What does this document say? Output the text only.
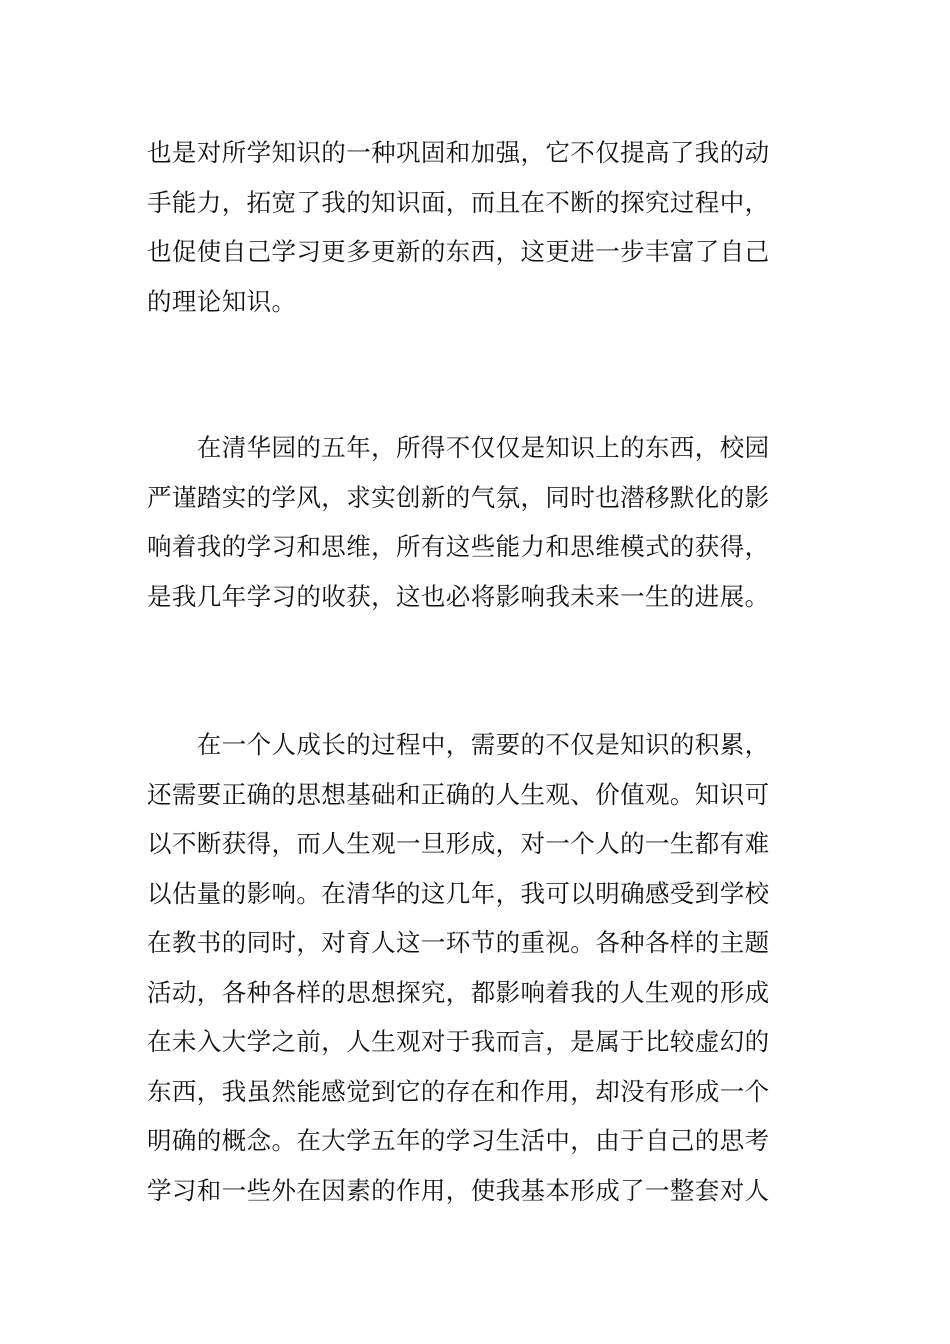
也是对所学知识的一种巩固和加强，它不仅提高了我的动
手能力，拓宽了我的知识面，而且在不断的探究过程中，
也促使自己学习更多更新的东西，这更进一步丰富了自己
的理论知识。
　　在清华园的五年，所得不仅仅是知识上的东西，校园
严谨踏实的学风，求实创新的气氛，同时也潜移默化的影
响着我的学习和思维，所有这些能力和思维模式的获得，
是我几年学习的收获，这也必将影响我未来一生的进展。
　　在一个人成长的过程中，需要的不仅是知识的积累，
还需要正确的思想基础和正确的人生观、价值观。知识可
以不断获得，而人生观一旦形成，对一个人的一生都有难
以估量的影响。在清华的这几年，我可以明确感受到学校
在教书的同时，对育人这一环节的重视。各种各样的主题
活动，各种各样的思想探究，都影响着我的人生观的形成
在未入大学之前，人生观对于我而言，是属于比较虚幻的
东西，我虽然能感觉到它的存在和作用，却没有形成一个
明确的概念。在大学五年的学习生活中，由于自己的思考
学习和一些外在因素的作用，使我基本形成了一整套对人
